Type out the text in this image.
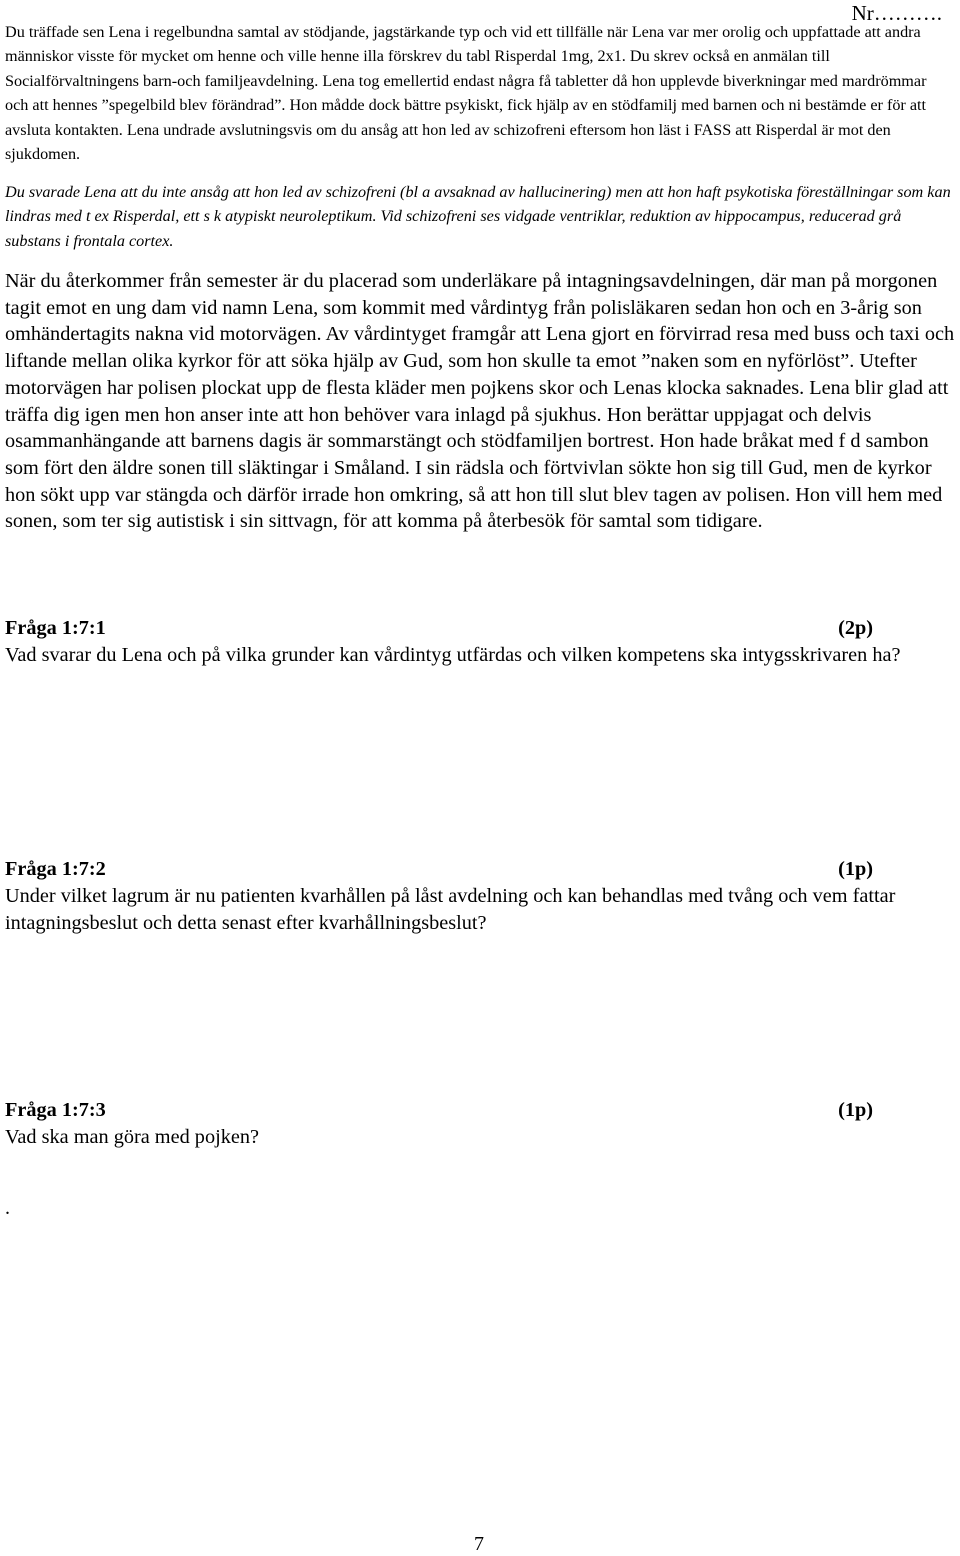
Nr……….

Du träffade sen Lena i regelbundna samtal av stödjande, jagstärkande typ och vid ett tillfälle när Lena var mer orolig och uppfattade att andra människor visste för mycket om henne och ville henne illa förskrev du tabl Risperdal 1mg, 2x1. Du skrev också en anmälan till Socialförvaltningens barn-och familjeavdelning. Lena tog emellertid endast några få tabletter då hon upplevde biverkningar med mardrömmar och att hennes ”spegelbild blev förändrad”. Hon mådde dock bättre psykiskt, fick hjälp av en stödfamilj med barnen och ni bestämde er för att avsluta kontakten. Lena undrade avslutningsvis om du ansåg att hon led av schizofreni eftersom hon läst i FASS att Risperdal är mot den sjukdomen.

Du svarade Lena att du inte ansåg att hon led av schizofreni (bl a avsaknad av hallucinering) men att hon haft psykotiska föreställningar som kan lindras med t ex Risperdal, ett s k atypiskt neuroleptikum. Vid schizofreni ses vidgade ventriklar, reduktion av hippocampus, reducerad grå substans i frontala cortex.

När du återkommer från semester är du placerad som underläkare på intagningsavdelningen, där man på morgonen tagit emot en ung dam vid namn Lena, som kommit med vårdintyg från polisläkaren sedan hon och en 3-årig son omhändertagits nakna vid motorvägen. Av vårdintyget framgår att Lena gjort en förvirrad resa med buss och taxi och liftande mellan olika kyrkor för att söka hjälp av Gud, som hon skulle ta emot ”naken som en nyförlöst”. Utefter motorvägen har polisen plockat upp de flesta kläder men pojkens skor och Lenas klocka saknades. Lena blir glad att träffa dig igen men hon anser inte att hon behöver vara inlagd på sjukhus. Hon berättar uppjagat och delvis osammanhängande att barnens dagis är sommarstängt och stödfamiljen bortrest. Hon hade bråkat med f d sambon som fört den äldre sonen till släktingar i Småland. I sin rädsla och förtvivlan sökte hon sig till Gud, men de kyrkor hon sökt upp var stängda och därför irrade hon omkring, så att hon till slut blev tagen av polisen. Hon vill hem med sonen, som ter sig autistisk i sin sittvagn, för att komma på återbesök för samtal som tidigare.

Fråga 1:7:1	(2p)

Vad svarar du Lena och på vilka grunder kan vårdintyg utfärdas och vilken kompetens ska intygsskrivaren ha?

Fråga 1:7:2	(1p)

Under vilket lagrum är nu patienten kvarhållen på låst avdelning och kan behandlas med tvång och vem fattar intagningsbeslut och detta senast efter kvarhållningsbeslut?

Fråga 1:7:3	(1p)

Vad ska man göra med pojken?

.
7
